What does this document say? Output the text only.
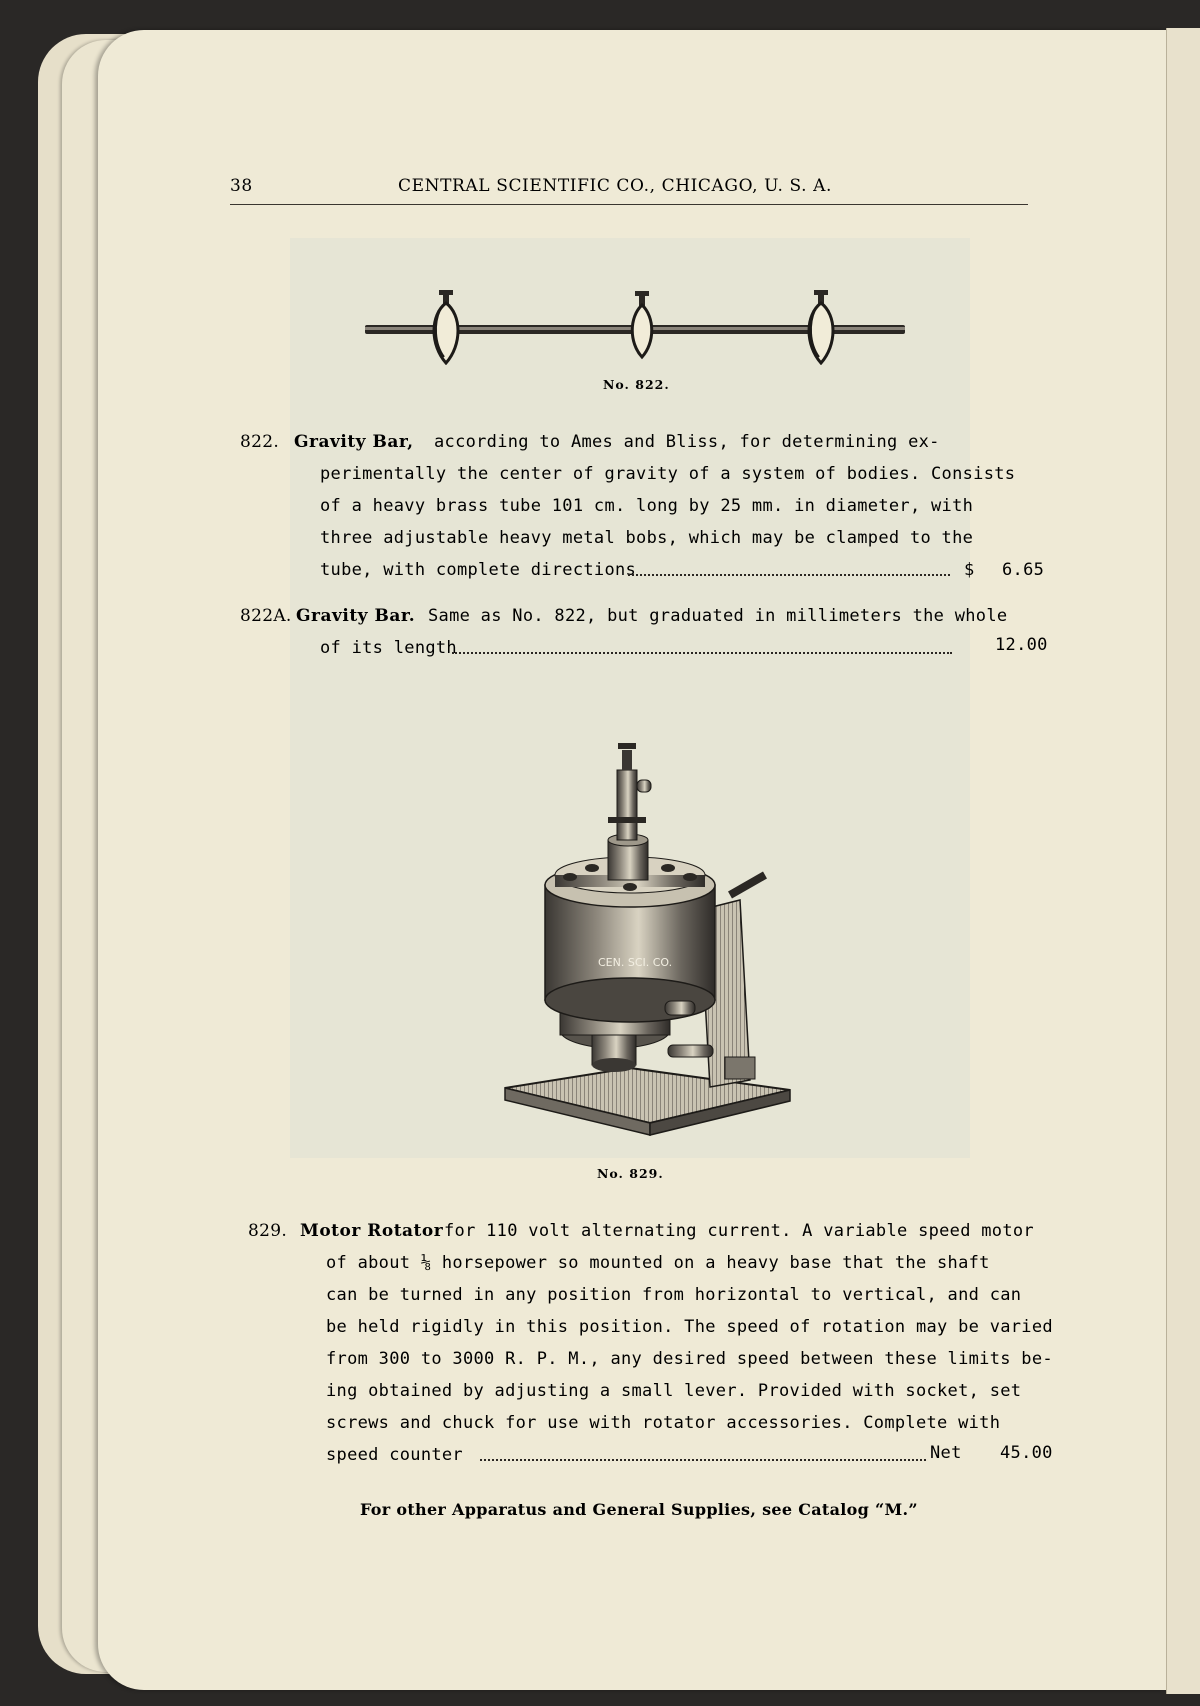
38	CENTRAL SCIENTIFIC CO., CHICAGO, U. S. A.
No. 822.
822. Gravity Bar, according to Ames and Bliss, for determining ex-
perimentally the center of gravity of a system of bodies. Consists
of a heavy brass tube 101 cm. long by 25 mm. in diameter, with
three adjustable heavy metal bobs, which may be clamped to the
tube, with complete directions	$ 6.65
822A. Gravity Bar. Same as No. 822, but graduated in millimeters the whole
of its length	12.00
CEN. SCI. CO.
No. 829.
829. Motor Rotator for 110 volt alternating current. A variable speed motor
of about ⅛ horsepower so mounted on a heavy base that the shaft
can be turned in any position from horizontal to vertical, and can
be held rigidly in this position. The speed of rotation may be varied
from 300 to 3000 R. P. M., any desired speed between these limits be-
ing obtained by adjusting a small lever. Provided with socket, set
screws and chuck for use with rotator accessories. Complete with
speed counter	Net 45.00
For other Apparatus and General Supplies, see Catalog “M.”
